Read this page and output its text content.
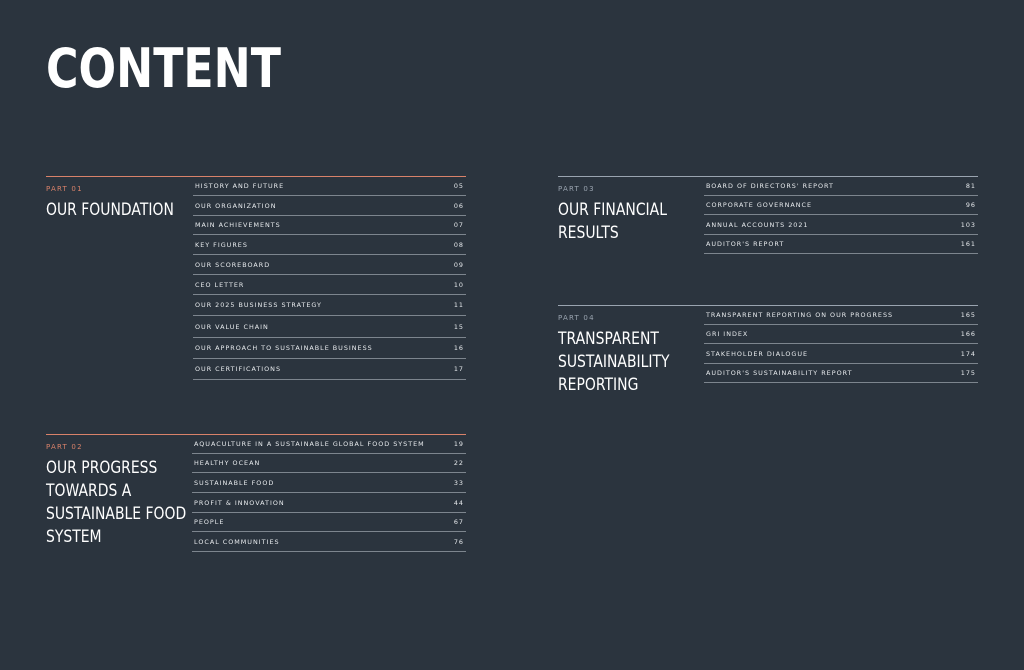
CONTENT
PART 01
OUR FOUNDATION
HISTORY AND FUTURE	05
OUR ORGANIZATION	06
MAIN ACHIEVEMENTS	07
KEY FIGURES	08
OUR SCOREBOARD	09
CEO LETTER	10
OUR 2025 BUSINESS STRATEGY	11
OUR VALUE CHAIN	15
OUR APPROACH TO SUSTAINABLE BUSINESS	16
OUR CERTIFICATIONS	17
PART 02
OUR PROGRESS TOWARDS A SUSTAINABLE FOOD SYSTEM
AQUACULTURE IN A SUSTAINABLE GLOBAL FOOD SYSTEM	19
HEALTHY OCEAN	22
SUSTAINABLE FOOD	33
PROFIT & INNOVATION	44
PEOPLE	67
LOCAL COMMUNITIES	76
PART 03
OUR FINANCIAL RESULTS
BOARD OF DIRECTORS' REPORT	81
CORPORATE GOVERNANCE	96
ANNUAL ACCOUNTS 2021	103
AUDITOR'S REPORT	161
PART 04
TRANSPARENT SUSTAINABILITY REPORTING
TRANSPARENT REPORTING ON OUR PROGRESS	165
GRI INDEX	166
STAKEHOLDER DIALOGUE	174
AUDITOR'S SUSTAINABILITY REPORT	175
